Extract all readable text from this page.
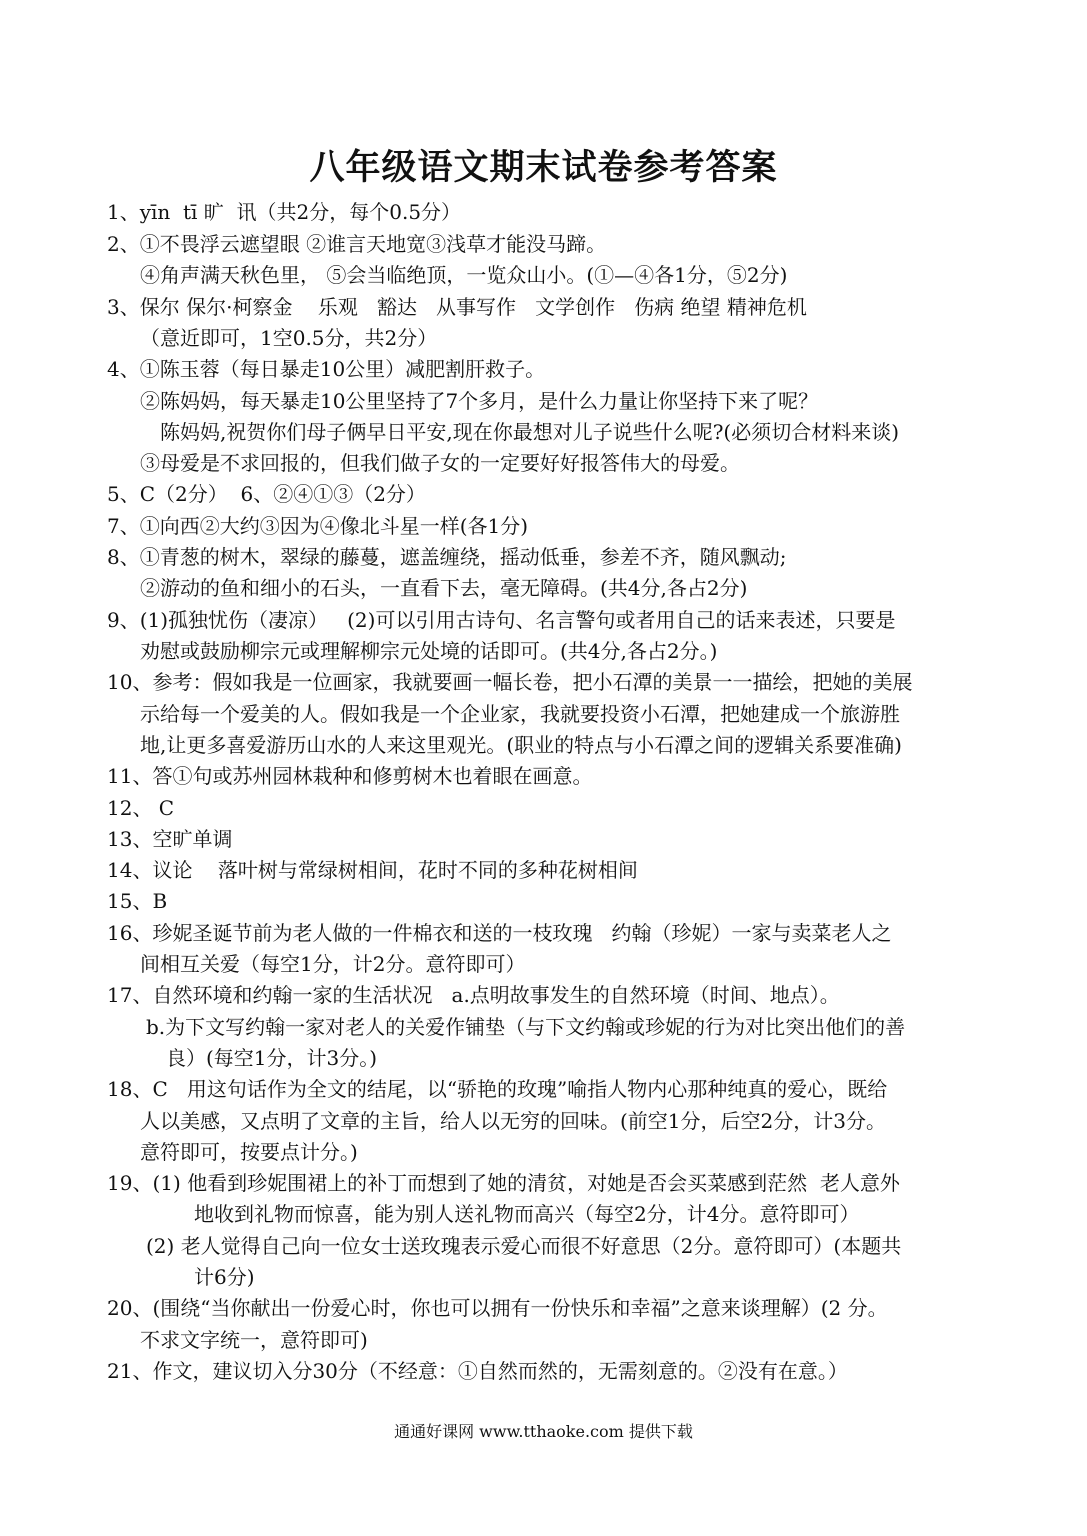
八年级语文期末试卷参考答案
1、yīn  tī 旷  讯（共2分，每个0.5分）
2、①不畏浮云遮望眼 ②谁言天地宽③浅草才能没马蹄。
④角声满天秋色里， ⑤会当临绝顶，一览众山小。(①—④各1分，⑤2分)
3、保尔 保尔·柯察金    乐观   豁达   从事写作   文学创作   伤病 绝望 精神危机
（意近即可，1空0.5分，共2分）
4、①陈玉蓉（每日暴走10公里）减肥割肝救子。
②陈妈妈，每天暴走10公里坚持了7个多月，是什么力量让你坚持下来了呢？
陈妈妈,祝贺你们母子俩早日平安,现在你最想对儿子说些什么呢?(必须切合材料来谈)
③母爱是不求回报的，但我们做子女的一定要好好报答伟大的母爱。
5、C（2分）  6、②④①③（2分）
7、①向西②大约③因为④像北斗星一样(各1分)
8、①青葱的树木，翠绿的藤蔓，遮盖缠绕，摇动低垂，参差不齐，随风飘动;
②游动的鱼和细小的石头，一直看下去，毫无障碍。(共4分,各占2分)
9、(1)孤独忧伤（凄凉）   (2)可以引用古诗句、名言警句或者用自己的话来表述，只要是
劝慰或鼓励柳宗元或理解柳宗元处境的话即可。(共4分,各占2分。)
10、参考：假如我是一位画家，我就要画一幅长卷，把小石潭的美景一一描绘，把她的美展
示给每一个爱美的人。假如我是一个企业家，我就要投资小石潭，把她建成一个旅游胜
地,让更多喜爱游历山水的人来这里观光。(职业的特点与小石潭之间的逻辑关系要准确)
11、答①句或苏州园林栽种和修剪树木也着眼在画意。
12、 C
13、空旷单调
14、议论    落叶树与常绿树相间，花时不同的多种花树相间
15、B
16、珍妮圣诞节前为老人做的一件棉衣和送的一枝玫瑰   约翰（珍妮）一家与卖菜老人之
间相互关爱（每空1分，计2分。意符即可）
17、自然环境和约翰一家的生活状况   a.点明故事发生的自然环境（时间、地点）。
b.为下文写约翰一家对老人的关爱作铺垫（与下文约翰或珍妮的行为对比突出他们的善
良）(每空1分，计3分。)
18、C   用这句话作为全文的结尾，以“骄艳的玫瑰”喻指人物内心那种纯真的爱心，既给
人以美感，又点明了文章的主旨，给人以无穷的回味。(前空1分，后空2分，计3分。
意符即可，按要点计分。)
19、(1) 他看到珍妮围裙上的补丁而想到了她的清贫，对她是否会买菜感到茫然  老人意外
地收到礼物而惊喜，能为别人送礼物而高兴（每空2分，计4分。意符即可）
(2) 老人觉得自己向一位女士送玫瑰表示爱心而很不好意思（2分。意符即可）(本题共
计6分)
20、(围绕“当你献出一份爱心时，你也可以拥有一份快乐和幸福”之意来谈理解）(2 分。
不求文字统一，意符即可)
21、作文，建议切入分30分（不经意：①自然而然的，无需刻意的。②没有在意。）
通通好课网 www.tthaoke.com 提供下载
